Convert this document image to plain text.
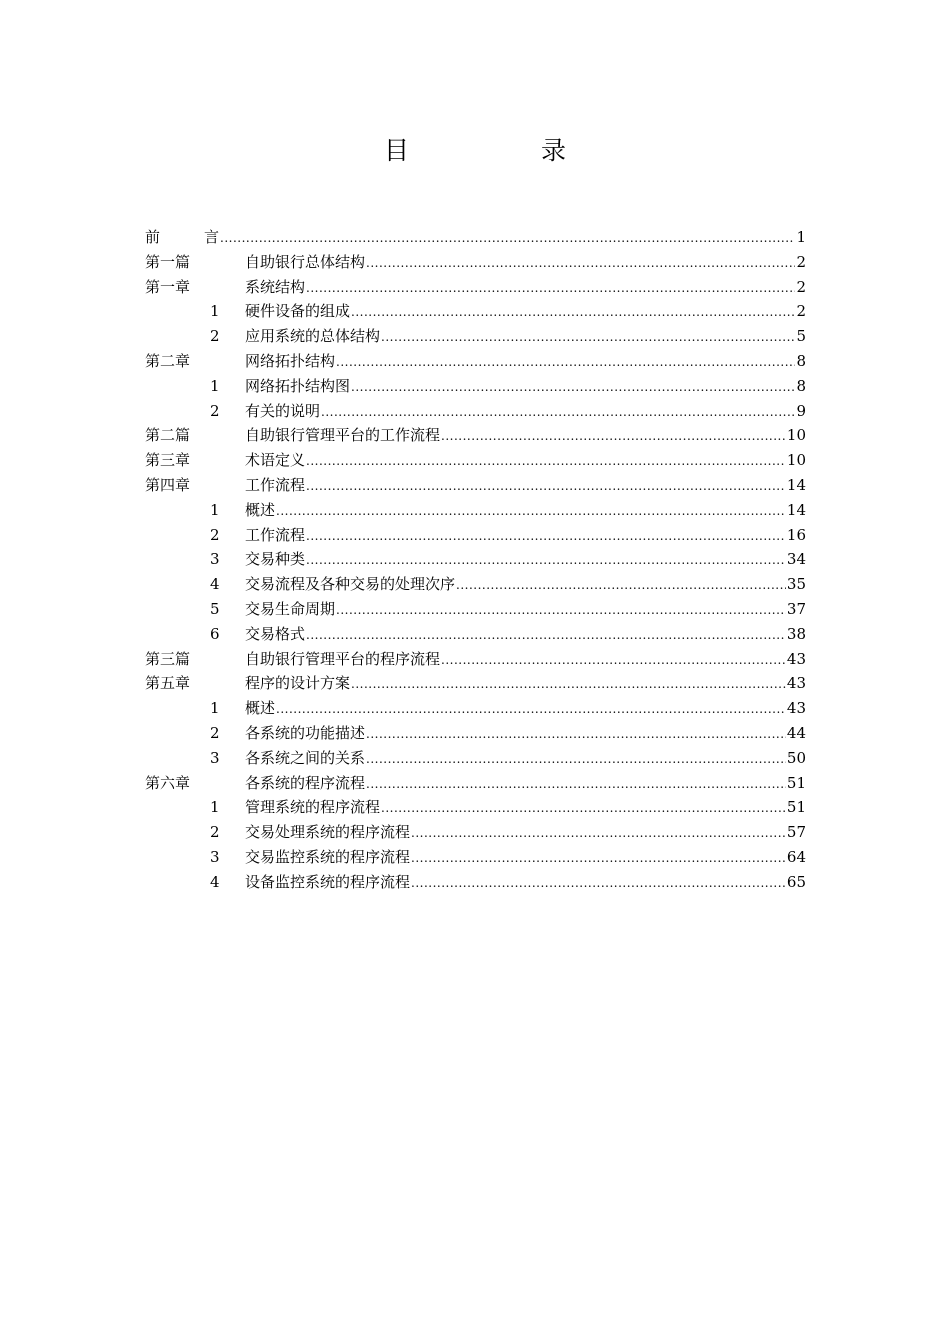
目 录
前	言 .....	1
第一篇	自助银行总体结构 .....	2
第一章	系统结构 .....	2
1 硬件设备的组成 .....	2
2 应用系统的总体结构 .....	5
第二章	网络拓扑结构 .....	8
1 网络拓扑结构图 .....	8
2 有关的说明 .....	9
第二篇	自助银行管理平台的工作流程 .....	10
第三章	术语定义 .....	10
第四章	工作流程 .....	14
1 概述 .....	14
2 工作流程 .....	16
3 交易种类 .....	34
4 交易流程及各种交易的处理次序 .....	35
5 交易生命周期 .....	37
6 交易格式 .....	38
第三篇	自助银行管理平台的程序流程 .....	43
第五章	程序的设计方案 .....	43
1 概述 .....	43
2 各系统的功能描述 .....	44
3 各系统之间的关系 .....	50
第六章	各系统的程序流程 .....	51
1 管理系统的程序流程 .....	51
2 交易处理系统的程序流程 .....	57
3 交易监控系统的程序流程 .....	64
4 设备监控系统的程序流程 .....	65
